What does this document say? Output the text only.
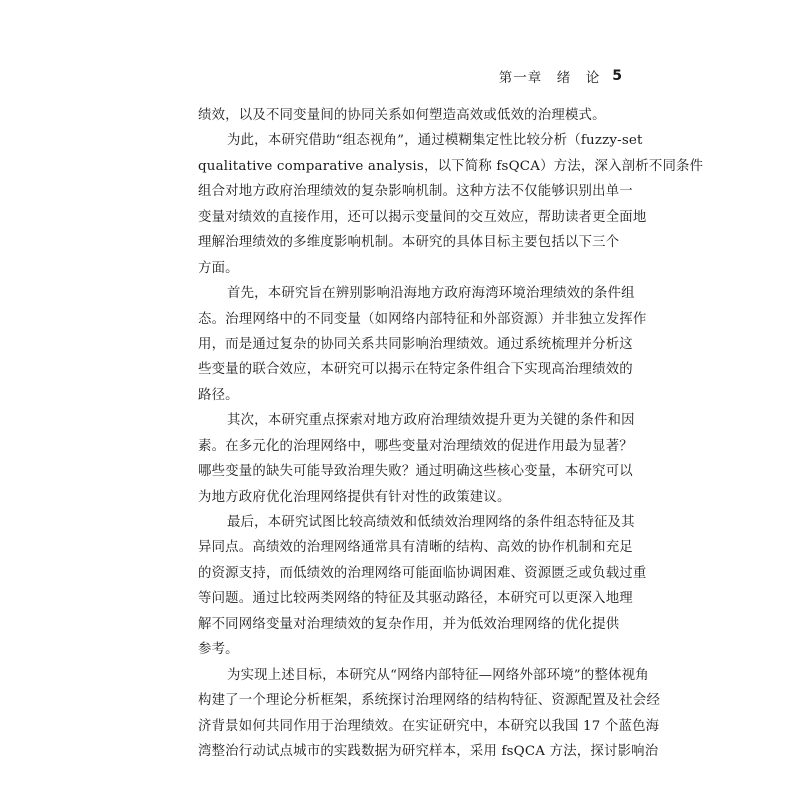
第一章　绪　论 5
绩效，以及不同变量间的协同关系如何塑造高效或低效的治理模式。
为此，本研究借助“组态视角”，通过模糊集定性比较分析（fuzzy-set
qualitative comparative analysis，以下简称 fsQCA）方法，深入剖析不同条件
组合对地方政府治理绩效的复杂影响机制。这种方法不仅能够识别出单一
变量对绩效的直接作用，还可以揭示变量间的交互效应，帮助读者更全面地
理解治理绩效的多维度影响机制。本研究的具体目标主要包括以下三个
方面。
首先，本研究旨在辨别影响沿海地方政府海湾环境治理绩效的条件组
态。治理网络中的不同变量（如网络内部特征和外部资源）并非独立发挥作
用，而是通过复杂的协同关系共同影响治理绩效。通过系统梳理并分析这
些变量的联合效应，本研究可以揭示在特定条件组合下实现高治理绩效的
路径。
其次，本研究重点探索对地方政府治理绩效提升更为关键的条件和因
素。在多元化的治理网络中，哪些变量对治理绩效的促进作用最为显著？
哪些变量的缺失可能导致治理失败？通过明确这些核心变量，本研究可以
为地方政府优化治理网络提供有针对性的政策建议。
最后，本研究试图比较高绩效和低绩效治理网络的条件组态特征及其
异同点。高绩效的治理网络通常具有清晰的结构、高效的协作机制和充足
的资源支持，而低绩效的治理网络可能面临协调困难、资源匮乏或负载过重
等问题。通过比较两类网络的特征及其驱动路径，本研究可以更深入地理
解不同网络变量对治理绩效的复杂作用，并为低效治理网络的优化提供
参考。
为实现上述目标，本研究从“网络内部特征—网络外部环境”的整体视角
构建了一个理论分析框架，系统探讨治理网络的结构特征、资源配置及社会经
济背景如何共同作用于治理绩效。在实证研究中，本研究以我国 17 个蓝色海
湾整治行动试点城市的实践数据为研究样本，采用 fsQCA 方法，探讨影响治
